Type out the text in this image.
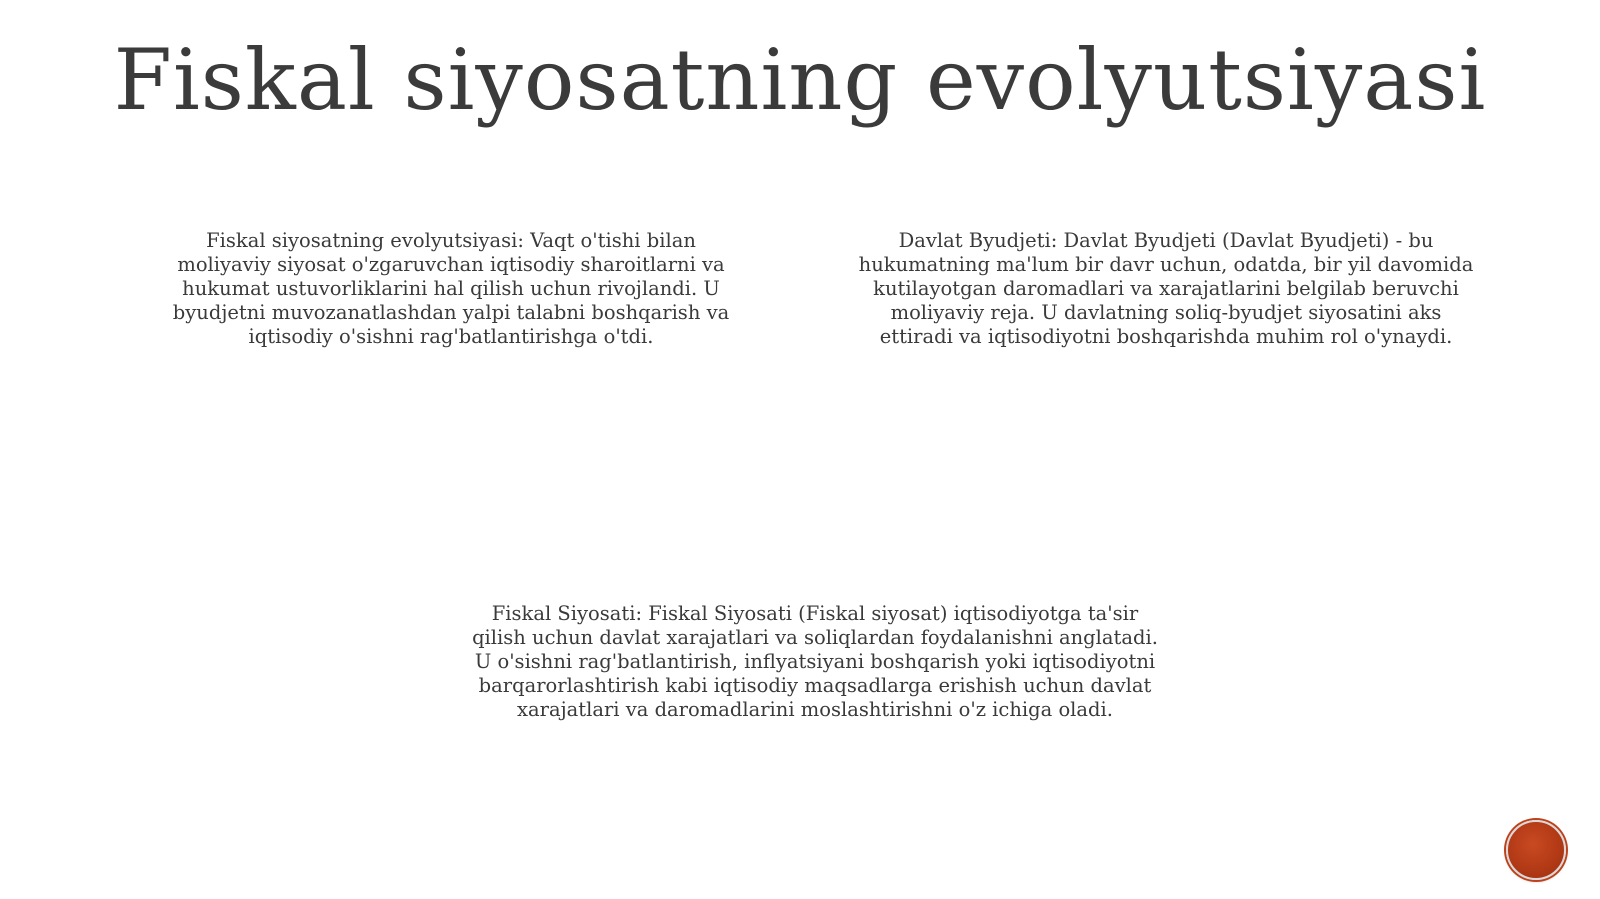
Fiskal siyosatning evolyutsiyasi

Fiskal siyosatning evolyutsiyasi: Vaqt o'tishi bilan moliyaviy siyosat o'zgaruvchan iqtisodiy sharoitlarni va hukumat ustuvorliklarini hal qilish uchun rivojlandi. U byudjetni muvozanatlashdan yalpi talabni boshqarish va iqtisodiy o'sishni rag'batlantirishga o'tdi.

Davlat Byudjeti: Davlat Byudjeti (Davlat Byudjeti) - bu hukumatning ma'lum bir davr uchun, odatda, bir yil davomida kutilayotgan daromadlari va xarajatlarini belgilab beruvchi moliyaviy reja. U davlatning soliq-byudjet siyosatini aks ettiradi va iqtisodiyotni boshqarishda muhim rol o'ynaydi.

Fiskal Siyosati: Fiskal Siyosati (Fiskal siyosat) iqtisodiyotga ta'sir qilish uchun davlat xarajatlari va soliqlardan foydalanishni anglatadi. U o'sishni rag'batlantirish, inflyatsiyani boshqarish yoki iqtisodiyotni barqarorlashtirish kabi iqtisodiy maqsadlarga erishish uchun davlat xarajatlari va daromadlarini moslashtirishni o'z ichiga oladi.
